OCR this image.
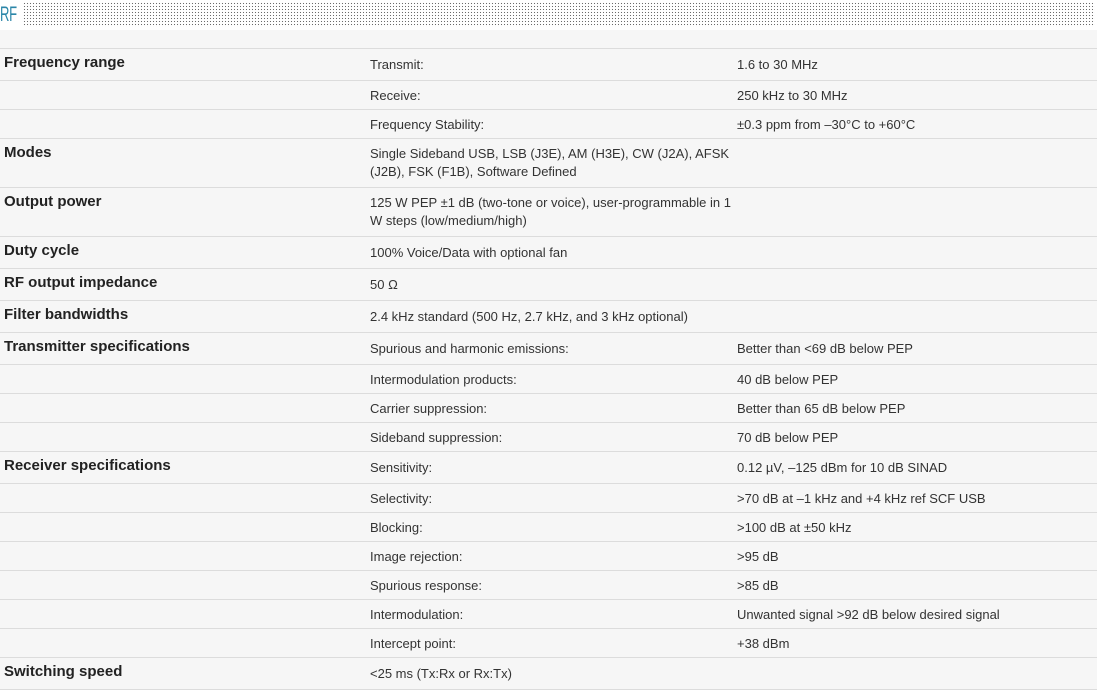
RF
Frequency range	Transmit:	1.6 to 30 MHz
	Receive:	250 kHz to 30 MHz
	Frequency Stability:	±0.3 ppm from –30°C to +60°C
Modes	Single Sideband USB, LSB (J3E), AM (H3E), CW (J2A), AFSK (J2B), FSK (F1B), Software Defined	
Output power	125 W PEP ±1 dB (two-tone or voice), user-programmable in 1 W steps (low/medium/high)	
Duty cycle	100% Voice/Data with optional fan	
RF output impedance	50 Ω	
Filter bandwidths	2.4 kHz standard (500 Hz, 2.7 kHz, and 3 kHz optional)	
Transmitter specifications	Spurious and harmonic emissions:	Better than <69 dB below PEP
	Intermodulation products:	40 dB below PEP
	Carrier suppression:	Better than 65 dB below PEP
	Sideband suppression:	70 dB below PEP
Receiver specifications	Sensitivity:	0.12 µV, –125 dBm for 10 dB SINAD
	Selectivity:	>70 dB at –1 kHz and +4 kHz ref SCF USB
	Blocking:	>100 dB at ±50 kHz
	Image rejection:	>95 dB
	Spurious response:	>85 dB
	Intermodulation:	Unwanted signal >92 dB below desired signal
	Intercept point:	+38 dBm
Switching speed	<25 ms (Tx:Rx or Rx:Tx)	
